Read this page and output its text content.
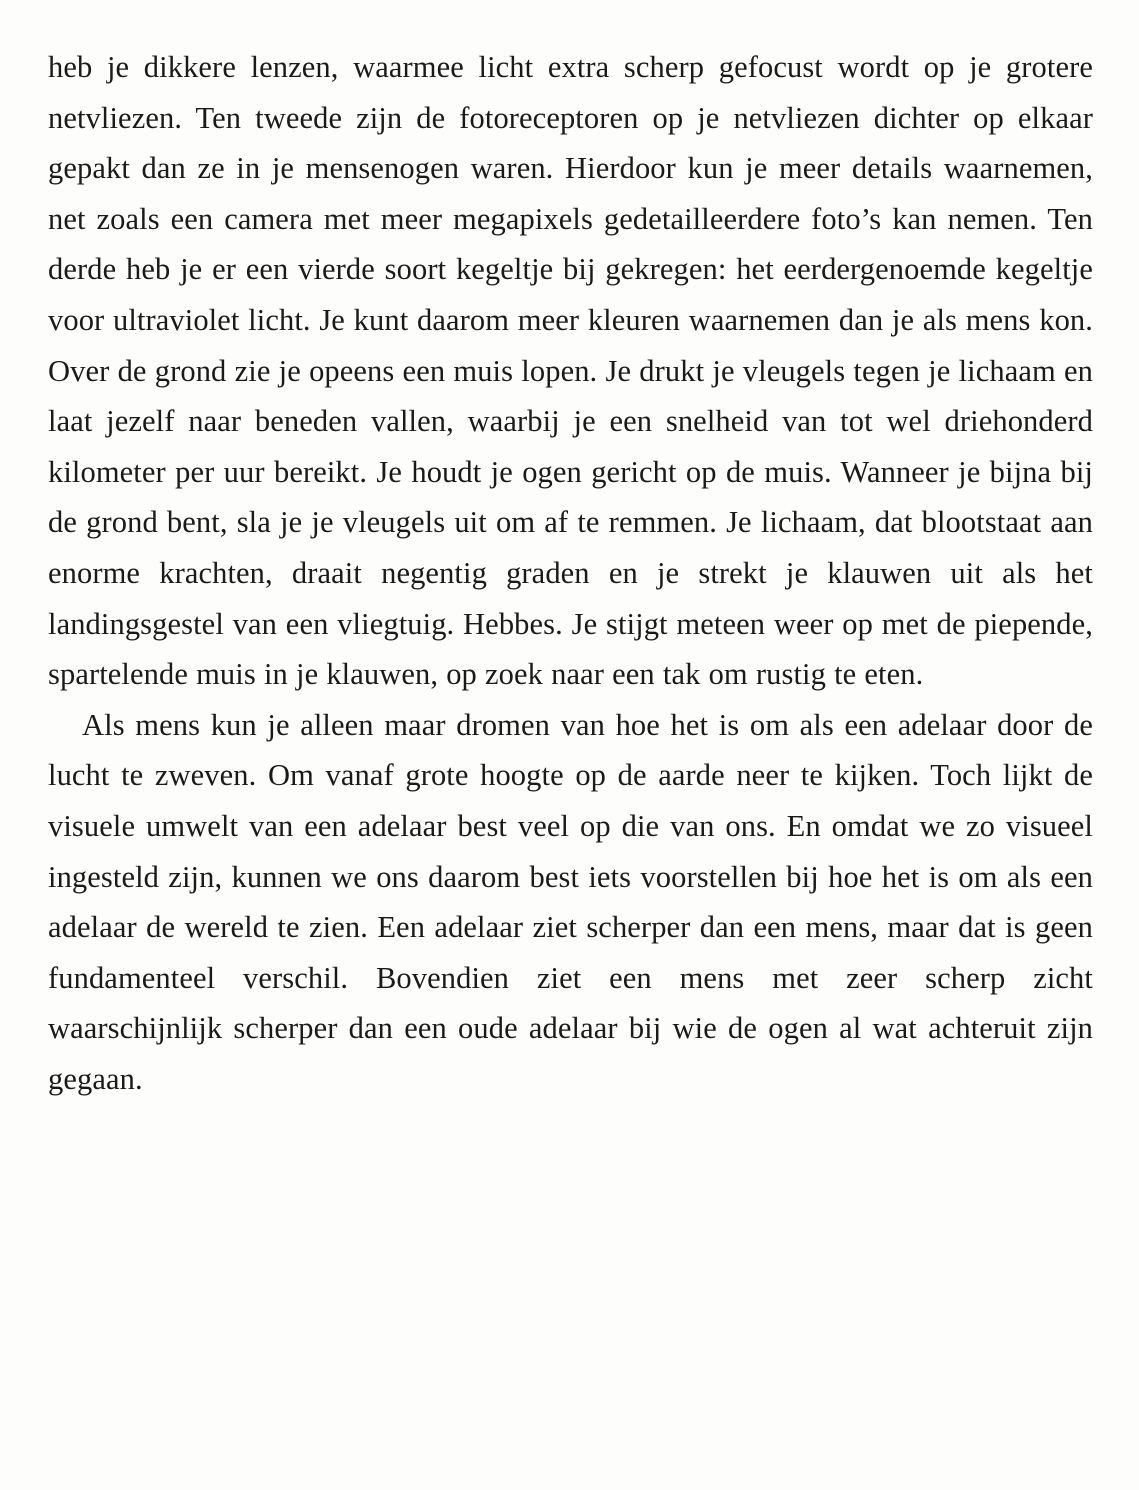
heb je dikkere lenzen, waarmee licht extra scherp gefocust wordt op je grotere netvliezen. Ten tweede zijn de fotoreceptoren op je netvliezen dichter op elkaar gepakt dan ze in je mensenogen waren. Hierdoor kun je meer details waarnemen, net zoals een camera met meer megapixels gedetailleerdere foto’s kan nemen. Ten derde heb je er een vierde soort kegeltje bij gekregen: het eerdergenoemde kegeltje voor ultraviolet licht. Je kunt daarom meer kleuren waarnemen dan je als mens kon. Over de grond zie je opeens een muis lopen. Je drukt je vleugels tegen je lichaam en laat jezelf naar beneden vallen, waarbij je een snelheid van tot wel driehonderd kilometer per uur bereikt. Je houdt je ogen gericht op de muis. Wanneer je bijna bij de grond bent, sla je je vleugels uit om af te remmen. Je lichaam, dat blootstaat aan enorme krachten, draait negentig graden en je strekt je klauwen uit als het landingsgestel van een vliegtuig. Hebbes. Je stijgt meteen weer op met de piepende, spartelende muis in je klauwen, op zoek naar een tak om rustig te eten.

Als mens kun je alleen maar dromen van hoe het is om als een adelaar door de lucht te zweven. Om vanaf grote hoogte op de aarde neer te kijken. Toch lijkt de visuele umwelt van een adelaar best veel op die van ons. En omdat we zo visueel ingesteld zijn, kunnen we ons daarom best iets voorstellen bij hoe het is om als een adelaar de wereld te zien. Een adelaar ziet scherper dan een mens, maar dat is geen fundamenteel verschil. Bovendien ziet een mens met zeer scherp zicht waarschijnlijk scherper dan een oude adelaar bij wie de ogen al wat achteruit zijn gegaan.
